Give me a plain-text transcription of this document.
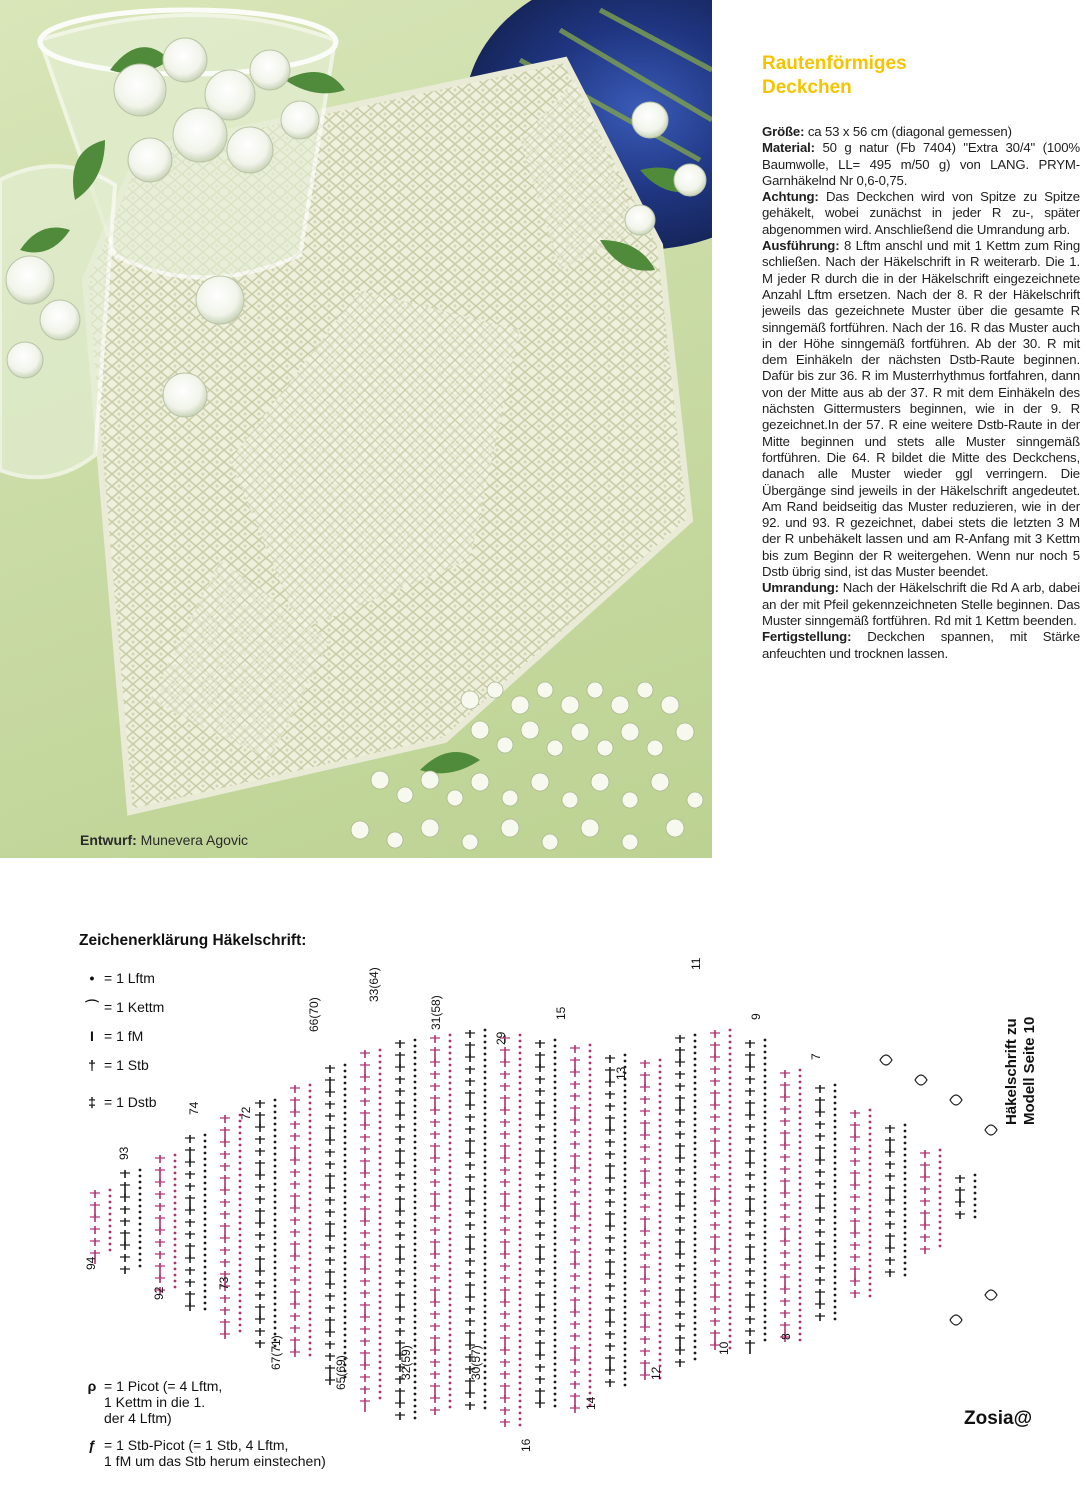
Entwurf: Munevera Agovic
Rautenförmiges
Deckchen

Größe: ca 53 x 56 cm (diagonal gemessen)
Material: 50 g natur (Fb 7404) "Extra 30/4" (100% Baumwolle, LL= 495 m/50 g) von LANG. PRYM-Garnhäkelnd Nr 0,6-0,75.
Achtung: Das Deckchen wird von Spitze zu Spitze gehäkelt, wobei zunächst in jeder R zu-, später abgenommen wird. Anschließend die Umrandung arb.
Ausführung: 8 Lftm anschl und mit 1 Kettm zum Ring schließen. Nach der Häkelschrift in R weiterarb. Die 1. M jeder R durch die in der Häkelschrift eingezeichnete Anzahl Lftm ersetzen. Nach der 8. R der Häkelschrift jeweils das gezeichnete Muster über die gesamte R sinngemäß fortführen. Nach der 16. R das Muster auch in der Höhe sinngemäß fortführen. Ab der 30. R mit dem Einhäkeln der nächsten Dstb-Raute beginnen. Dafür bis zur 36. R im Musterrhythmus fortfahren, dann von der Mitte aus ab der 37. R mit dem Einhäkeln des nächsten Gittermusters beginnen, wie in der 9. R gezeichnet.In der 57. R eine weitere Dstb-Raute in der Mitte beginnen und stets alle Muster sinngemäß fortführen. Die 64. R bildet die Mitte des Deckchens, danach alle Muster wieder ggl verringern. Die Übergänge sind jeweils in der Häkelschrift angedeutet. Am Rand beidseitig das Muster reduzieren, wie in der 92. und 93. R gezeichnet, dabei stets die letzten 3 M der R unbehäkelt lassen und am R-Anfang mit 3 Kettm bis zum Beginn der R weitergehen. Wenn nur noch 5 Dstb übrig sind, ist das Muster beendet.
Umrandung: Nach der Häkelschrift die Rd A arb, dabei an der mit Pfeil gekennzeichneten Stelle beginnen. Das Muster sinngemäß fortführen. Rd mit 1 Kettm beenden.
Fertigstellung: Deckchen spannen, mit Stärke anfeuchten und trocknen lassen.

Zeichenerklärung Häkelschrift:
• = 1 Lftm
⌒ = 1 Kettm
I = 1 fM
† = 1 Stb
‡ = 1 Dstb
ρ = 1 Picot (= 4 Lftm,
1 Kettm in die 1.
der 4 Lftm)
ƒ = 1 Stb-Picot (= 1 Stb, 4 Lftm,
1 fM um das Stb herum einstechen)
11
9
7
15
13
29
31(58)
33(64)
66(70)
72
74
93
94
92
73
67(71)
65(69)	32(59)	30(57)
16
14
12
10
8
Häkelschrift zu
Modell Seite 10
Zosia@
